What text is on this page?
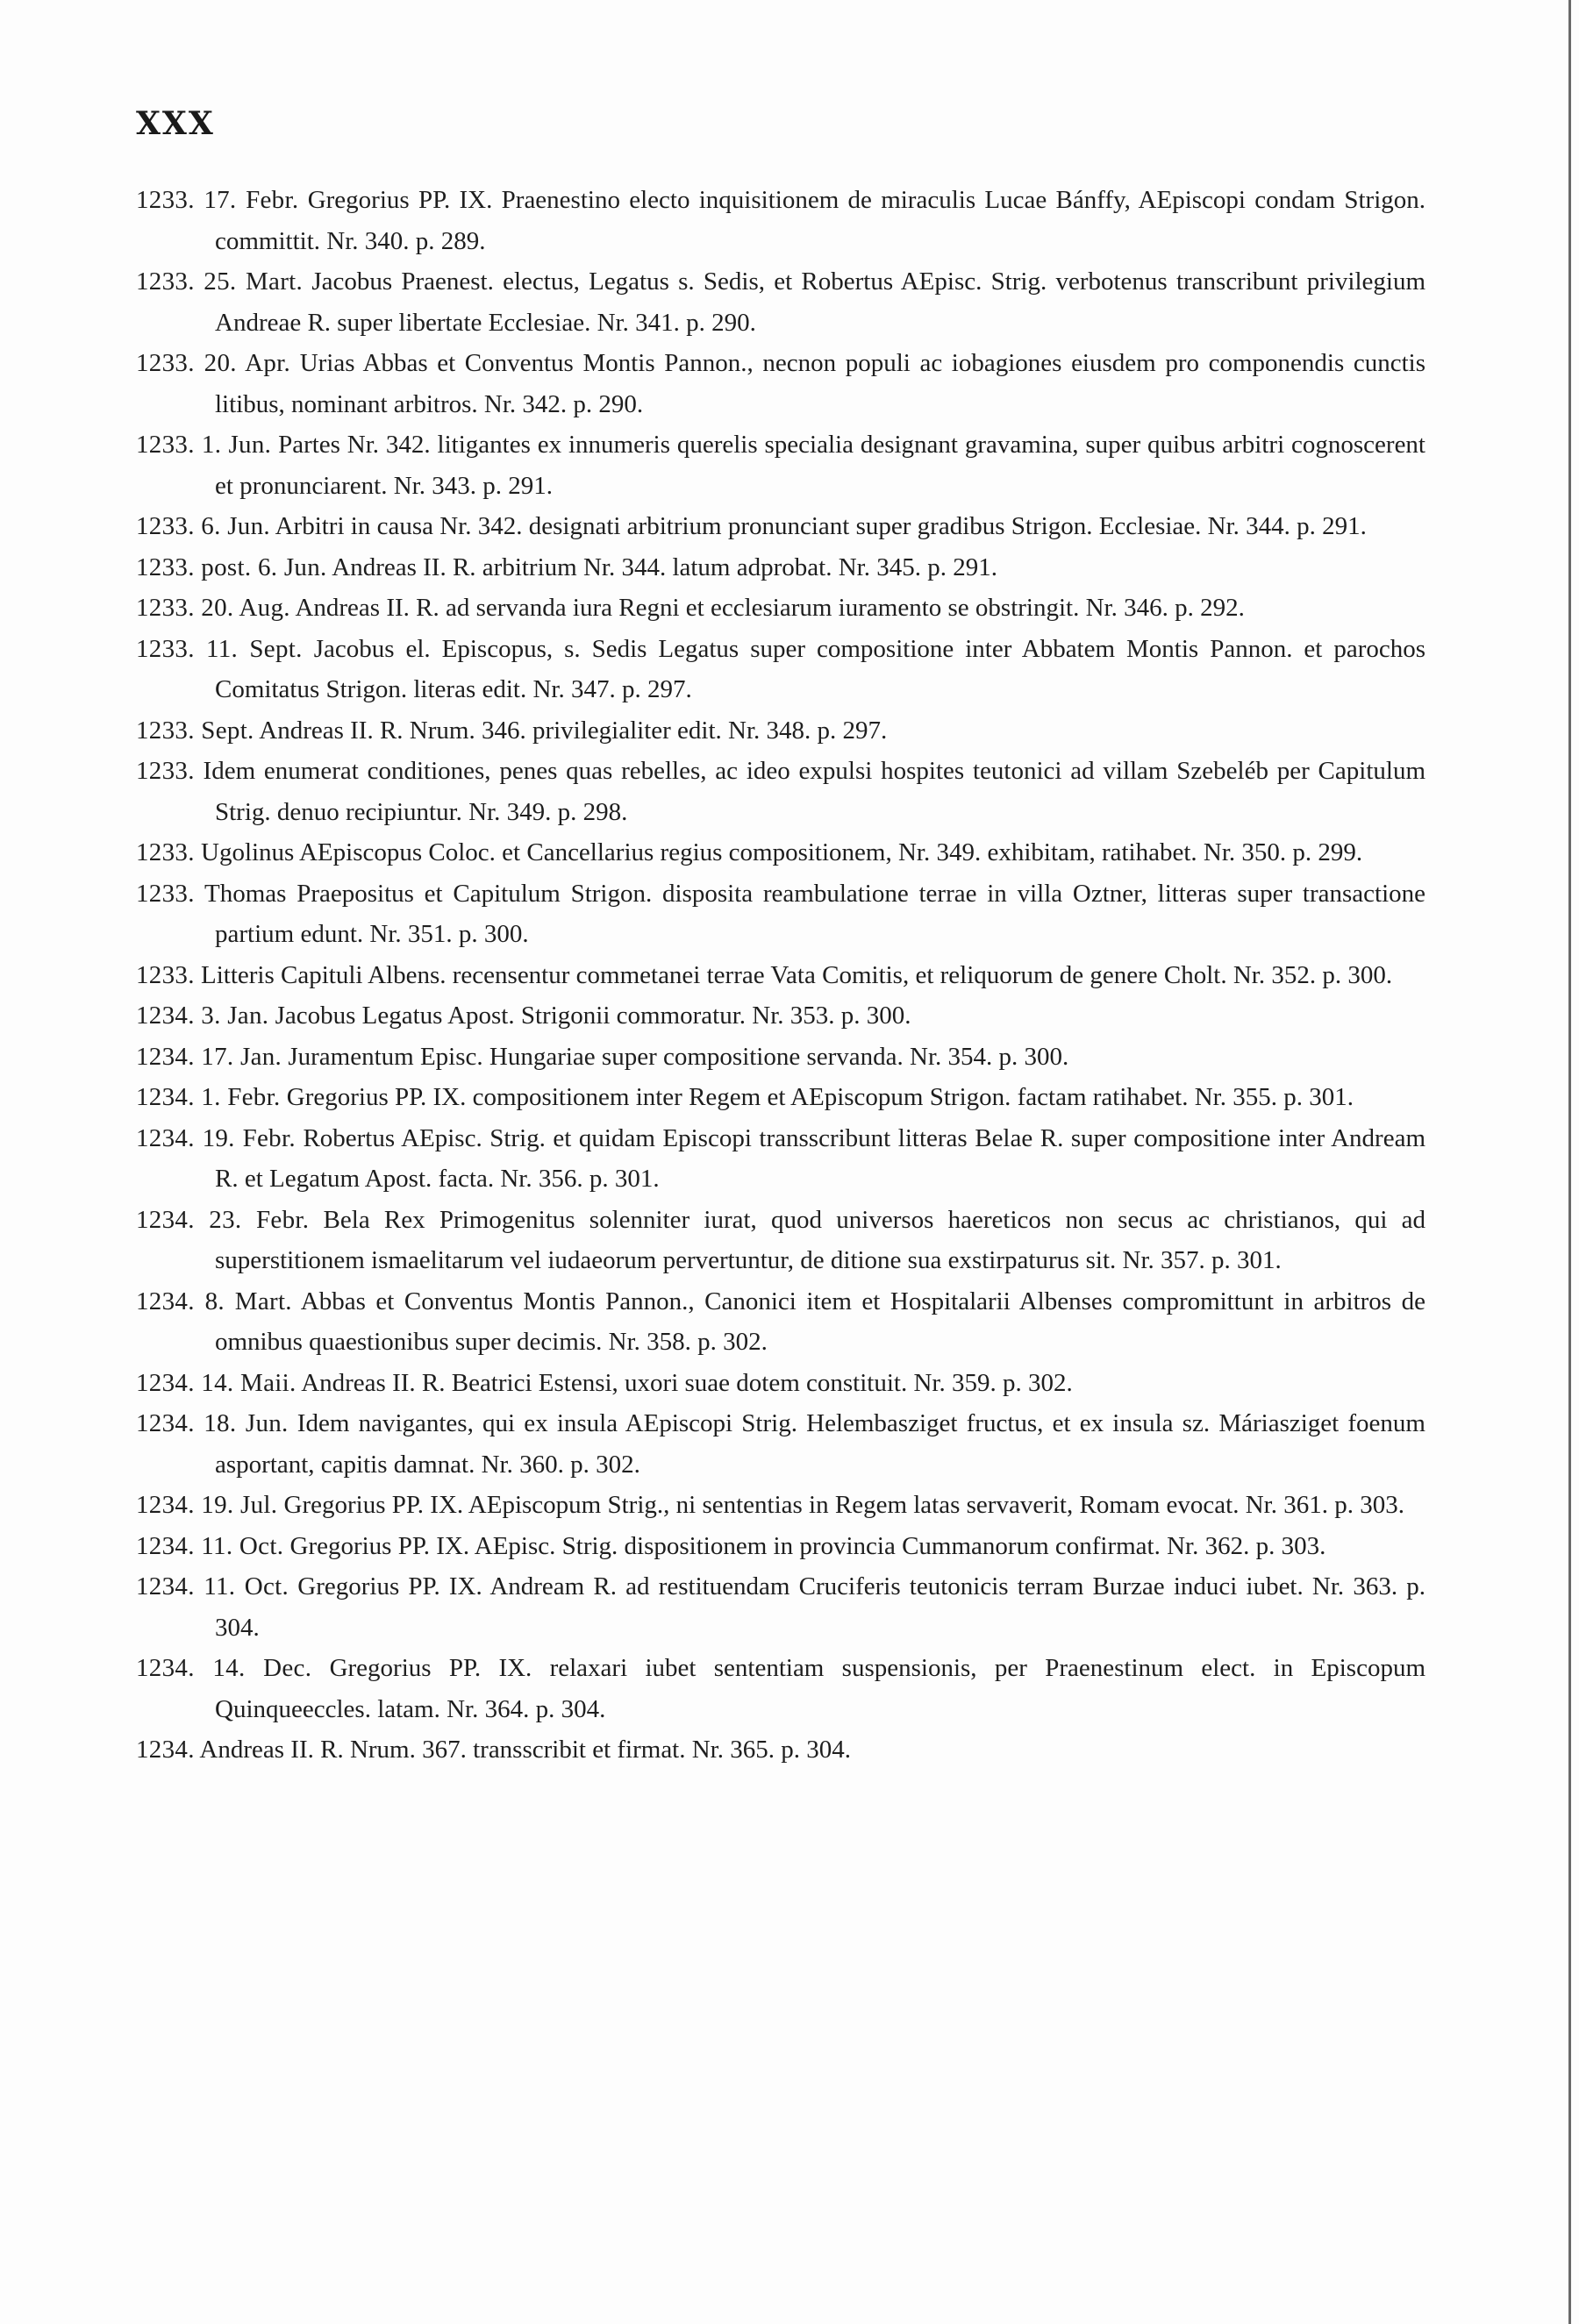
XXX

1233. 17. Febr. Gregorius PP. IX. Praenestino electo inquisitionem de miraculis Lucae Bánffy, AEpiscopi condam Strigon. committit. Nr. 340. p. 289.

1233. 25. Mart. Jacobus Praenest. electus, Legatus s. Sedis, et Robertus AEpisc. Strig. verbotenus transcribunt privilegium Andreae R. super libertate Ecclesiae. Nr. 341. p. 290.

1233. 20. Apr. Urias Abbas et Conventus Montis Pannon., necnon populi ac iobagiones eiusdem pro componendis cunctis litibus, nominant arbitros. Nr. 342. p. 290.

1233. 1. Jun. Partes Nr. 342. litigantes ex innumeris querelis specialia designant gravamina, super quibus arbitri cognoscerent et pronunciarent. Nr. 343. p. 291.

1233. 6. Jun. Arbitri in causa Nr. 342. designati arbitrium pronunciant super gradibus Strigon. Ecclesiae. Nr. 344. p. 291.

1233. post. 6. Jun. Andreas II. R. arbitrium Nr. 344. latum adprobat. Nr. 345. p. 291.

1233. 20. Aug. Andreas II. R. ad servanda iura Regni et ecclesiarum iuramento se obstringit. Nr. 346. p. 292.

1233. 11. Sept. Jacobus el. Episcopus, s. Sedis Legatus super compositione inter Abbatem Montis Pannon. et parochos Comitatus Strigon. literas edit. Nr. 347. p. 297.

1233. Sept. Andreas II. R. Nrum. 346. privilegialiter edit. Nr. 348. p. 297.

1233. Idem enumerat conditiones, penes quas rebelles, ac ideo expulsi hospites teutonici ad villam Szebeléb per Capitulum Strig. denuo recipiuntur. Nr. 349. p. 298.

1233. Ugolinus AEpiscopus Coloc. et Cancellarius regius compositionem, Nr. 349. exhibitam, ratihabet. Nr. 350. p. 299.

1233. Thomas Praepositus et Capitulum Strigon. disposita reambulatione terrae in villa Oztner, litteras super transactione partium edunt. Nr. 351. p. 300.

1233. Litteris Capituli Albens. recensentur commetanei terrae Vata Comitis, et reliquorum de genere Cholt. Nr. 352. p. 300.

1234. 3. Jan. Jacobus Legatus Apost. Strigonii commoratur. Nr. 353. p. 300.

1234. 17. Jan. Juramentum Episc. Hungariae super compositione servanda. Nr. 354. p. 300.

1234. 1. Febr. Gregorius PP. IX. compositionem inter Regem et AEpiscopum Strigon. factam ratihabet. Nr. 355. p. 301.

1234. 19. Febr. Robertus AEpisc. Strig. et quidam Episcopi transscribunt litteras Belae R. super compositione inter Andream R. et Legatum Apost. facta. Nr. 356. p. 301.

1234. 23. Febr. Bela Rex Primogenitus solenniter iurat, quod universos haereticos non secus ac christianos, qui ad superstitionem ismaelitarum vel iudaeorum pervertuntur, de ditione sua exstirpaturus sit. Nr. 357. p. 301.

1234. 8. Mart. Abbas et Conventus Montis Pannon., Canonici item et Hospitalarii Albenses compromittunt in arbitros de omnibus quaestionibus super decimis. Nr. 358. p. 302.

1234. 14. Maii. Andreas II. R. Beatrici Estensi, uxori suae dotem constituit. Nr. 359. p. 302.

1234. 18. Jun. Idem navigantes, qui ex insula AEpiscopi Strig. Helembasziget fructus, et ex insula sz. Máriasziget foenum asportant, capitis damnat. Nr. 360. p. 302.

1234. 19. Jul. Gregorius PP. IX. AEpiscopum Strig., ni sententias in Regem latas servaverit, Romam evocat. Nr. 361. p. 303.

1234. 11. Oct. Gregorius PP. IX. AEpisc. Strig. dispositionem in provincia Cummanorum confirmat. Nr. 362. p. 303.

1234. 11. Oct. Gregorius PP. IX. Andream R. ad restituendam Cruciferis teutonicis terram Burzae induci iubet. Nr. 363. p. 304.

1234. 14. Dec. Gregorius PP. IX. relaxari iubet sententiam suspensionis, per Praenestinum elect. in Episcopum Quinqueeccles. latam. Nr. 364. p. 304.

1234. Andreas II. R. Nrum. 367. transscribit et firmat. Nr. 365. p. 304.
